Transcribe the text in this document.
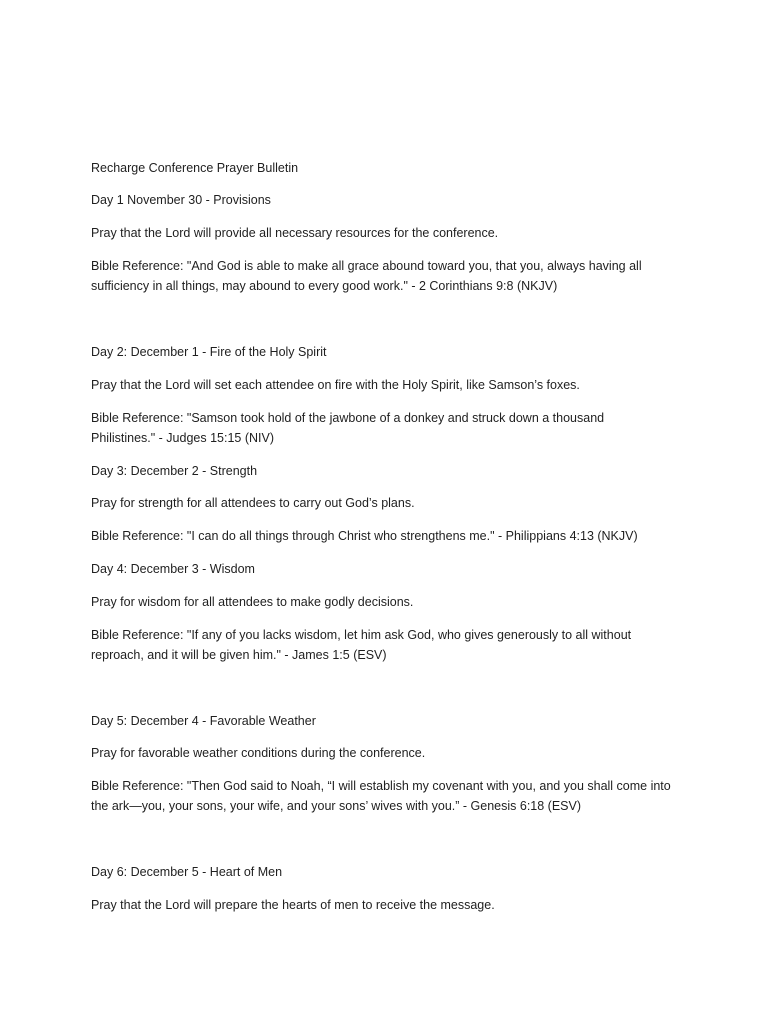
Recharge Conference Prayer Bulletin

Day 1 November 30 - Provisions

Pray that the Lord will provide all necessary resources for the conference.

Bible Reference: "And God is able to make all grace abound toward you, that you, always having all sufficiency in all things, may abound to every good work." - 2 Corinthians 9:8 (NKJV)

Day 2: December 1 - Fire of the Holy Spirit

Pray that the Lord will set each attendee on fire with the Holy Spirit, like Samson’s foxes.

Bible Reference: "Samson took hold of the jawbone of a donkey and struck down a thousand Philistines." - Judges 15:15 (NIV)

Day 3: December 2 - Strength

Pray for strength for all attendees to carry out God’s plans.

Bible Reference: "I can do all things through Christ who strengthens me." - Philippians 4:13 (NKJV)

Day 4: December 3 - Wisdom

Pray for wisdom for all attendees to make godly decisions.

Bible Reference: "If any of you lacks wisdom, let him ask God, who gives generously to all without reproach, and it will be given him." - James 1:5 (ESV)

Day 5: December 4 - Favorable Weather

Pray for favorable weather conditions during the conference.

Bible Reference: "Then God said to Noah, “I will establish my covenant with you, and you shall come into the ark—you, your sons, your wife, and your sons’ wives with you.” - Genesis 6:18 (ESV)

Day 6: December 5 - Heart of Men

Pray that the Lord will prepare the hearts of men to receive the message.
